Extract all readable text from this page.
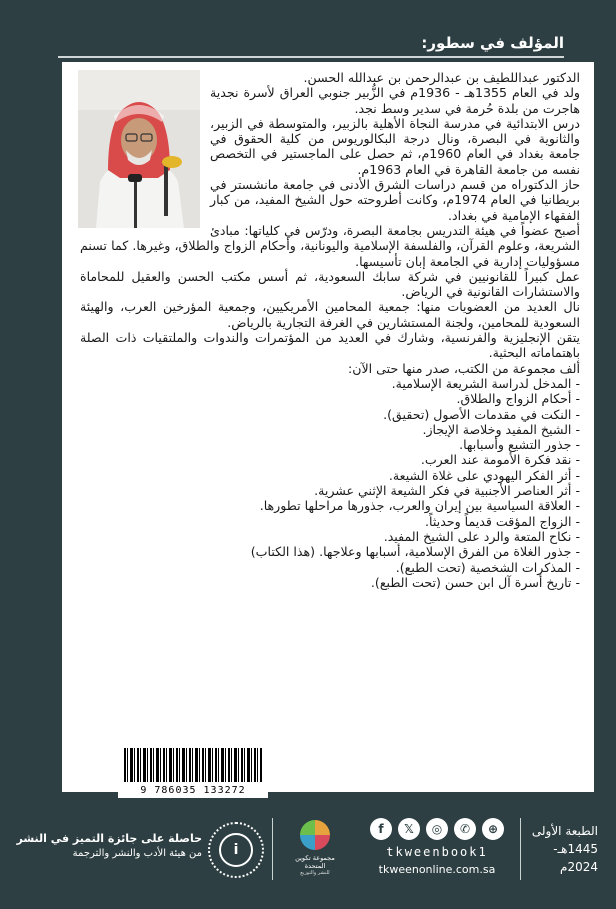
المؤلف في سطور:

الدكتور عبداللطيف بن عبدالرحمن بن عبدالله الحسن.

ولد في العام 1355هـ - 1936م في الزُّبير جنوبي العراق لأسرة نجدية هاجرت من بلدة حُرمة في سدير وسط نجد.

درس الابتدائية في مدرسة النجاة الأهلية بالزبير، والمتوسطة في الزبير، والثانوية في البصرة، ونال درجة البكالوريوس من كلية الحقوق في جامعة بغداد في العام 1960م، ثم حصل على الماجستير في التخصص نفسه من جامعة القاهرة في العام 1963م.

حاز الدكتوراه من قسم دراسات الشرق الأدنى في جامعة مانشستر في بريطانيا في العام 1974م، وكانت أطروحته حول الشيخ المفيد، من كبار الفقهاء الإمامية في بغداد.

أصبح عضواً في هيئة التدريس بجامعة البصرة، ودرّس في كلياتها: مبادئ الشريعة، وعلوم القرآن، والفلسفة الإسلامية واليونانية، وأحكام الزواج والطلاق، وغيرها. كما تسنم مسؤوليات إدارية في الجامعة إبان تأسيسها.

عمل كبيراً للقانونيين في شركة سابك السعودية، ثم أسس مكتب الحسن والعقيل للمحاماة والاستشارات القانونية في الرياض.

نال العديد من العضويات منها: جمعية المحامين الأمريكيين، وجمعية المؤرخين العرب، والهيئة السعودية للمحامين، ولجنة المستشارين في الغرفة التجارية بالرياض.

يتقن الإنجليزية والفرنسية، وشارك في العديد من المؤتمرات والندوات والملتقيات ذات الصلة باهتماماته البحثية.

ألف مجموعة من الكتب، صدر منها حتى الآن:

- المدخل لدراسة الشريعة الإسلامية.
- أحكام الزواج والطلاق.
- النكت في مقدمات الأصول (تحقيق).
- الشيخ المفيد وخلاصة الإيجاز.
- جذور التشيع وأسبابها.
- نقد فكرة الأمومة عند العرب.
- أثر الفكر اليهودي على غلاة الشيعة.
- أثر العناصر الأجنبية في فكر الشيعة الإثني عشرية.
- العلاقة السياسية بين إيران والعرب، جذورها مراحلها تطورها.
- الزواج المؤقت قديماً وحديثاً.
- نكاح المتعة والرد على الشيخ المفيد.
- جذور الغلاة من الفرق الإسلامية، أسبابها وعلاجها. (هذا الكتاب)
- المذكرات الشخصية (تحت الطبع).
- تاريخ أسرة آل ابن حسن (تحت الطبع).
9 786035 133272
الطبعة الأولى
1445هـ- 2024م
f	𝕏	◎	✆	⊕
tkweenbook1
tkweenonline.com.sa
مجموعة تكوين المتحدة
للنشر والتوزيع
i
حاصلة على جائزة التميز في النشر
من هيئة الأدب والنشر والترجمة
